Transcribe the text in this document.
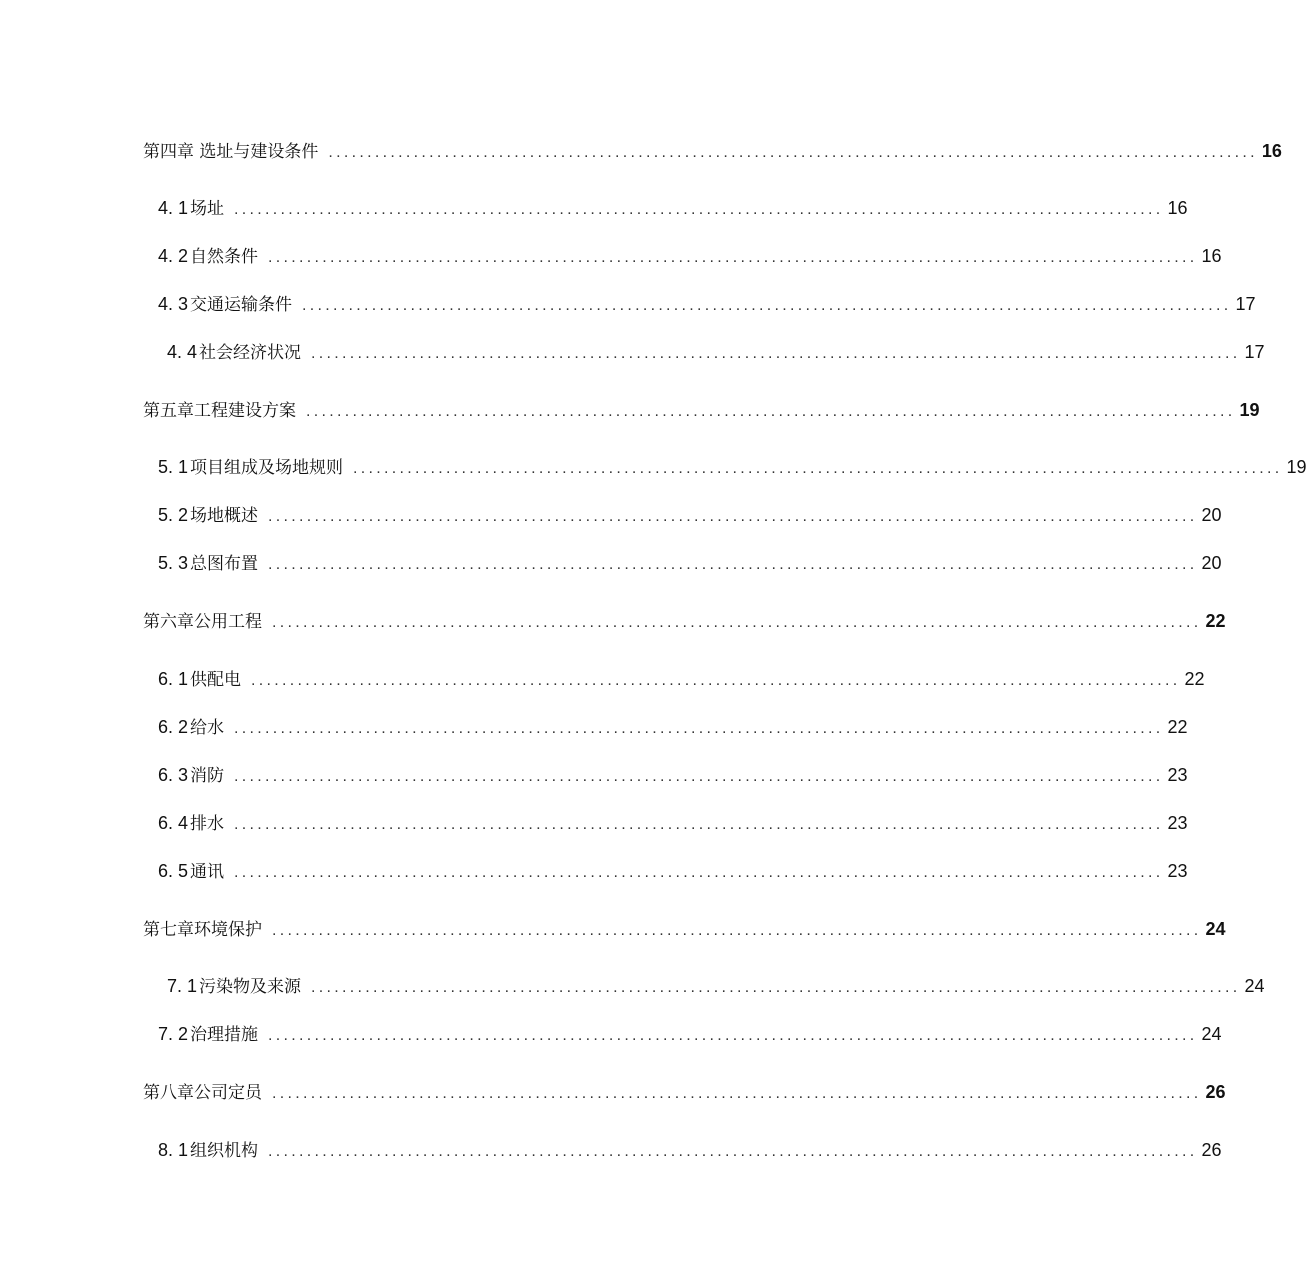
第四章 选址与建设条件 ........................................................................................................................ 16
4. 1 场址 ........................................................................................................................ 16
4. 2 自然条件 ........................................................................................................................ 16
4. 3 交通运输条件 ........................................................................................................................ 17
4. 4 社会经济状况 ........................................................................................................................ 17
第五章工程建设方案 ........................................................................................................................ 19
5. 1 项目组成及场地规则 ........................................................................................................................ 19
5. 2 场地概述 ........................................................................................................................ 20
5. 3 总图布置 ........................................................................................................................ 20
第六章公用工程 ........................................................................................................................ 22
6. 1 供配电 ........................................................................................................................ 22
6. 2 给水 ........................................................................................................................ 22
6. 3 消防 ........................................................................................................................ 23
6. 4 排水 ........................................................................................................................ 23
6. 5 通讯 ........................................................................................................................ 23
第七章环境保护 ........................................................................................................................ 24
7. 1 污染物及来源 ........................................................................................................................ 24
7. 2 治理措施 ........................................................................................................................ 24
第八章公司定员 ........................................................................................................................ 26
8. 1 组织机构 ........................................................................................................................ 26
